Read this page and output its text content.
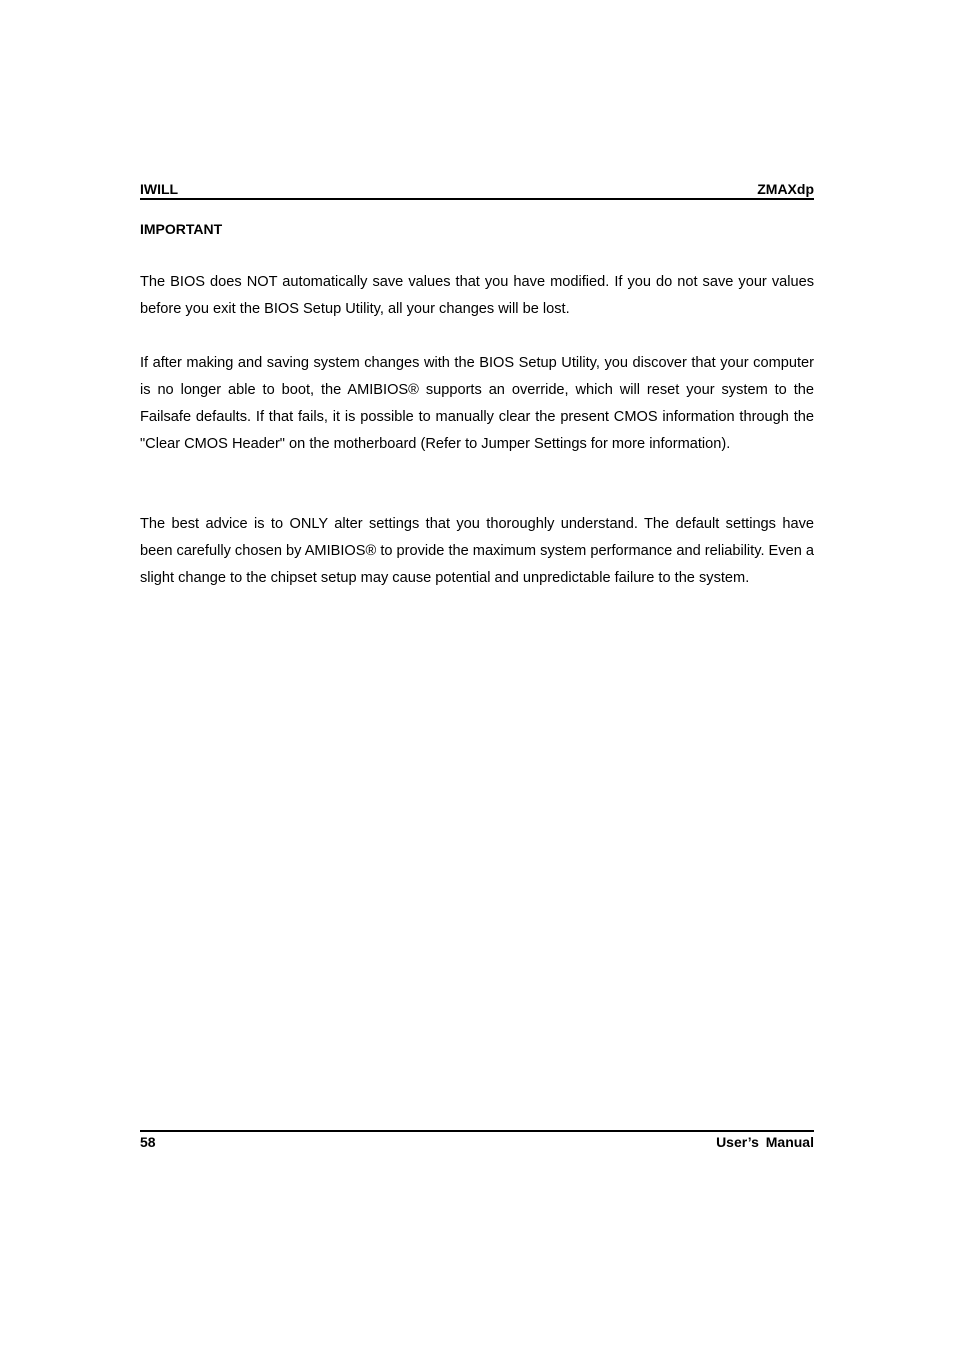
IWILL	ZMAXdp
IMPORTANT

The BIOS does NOT automatically save values that you have modified. If you do not save your values before you exit the BIOS Setup Utility, all your changes will be lost.

If after making and saving system changes with the BIOS Setup Utility, you discover that your computer is no longer able to boot, the AMIBIOS® supports an override, which will reset your system to the Failsafe defaults. If that fails, it is possible to manually clear the present CMOS information through the "Clear CMOS Header" on the motherboard (Refer to Jumper Settings for more information).

The best advice is to ONLY alter settings that you thoroughly understand. The default settings have been carefully chosen by AMIBIOS® to provide the maximum system performance and reliability. Even a slight change to the chipset setup may cause potential and unpredictable failure to the system.

58	User’s Manual
